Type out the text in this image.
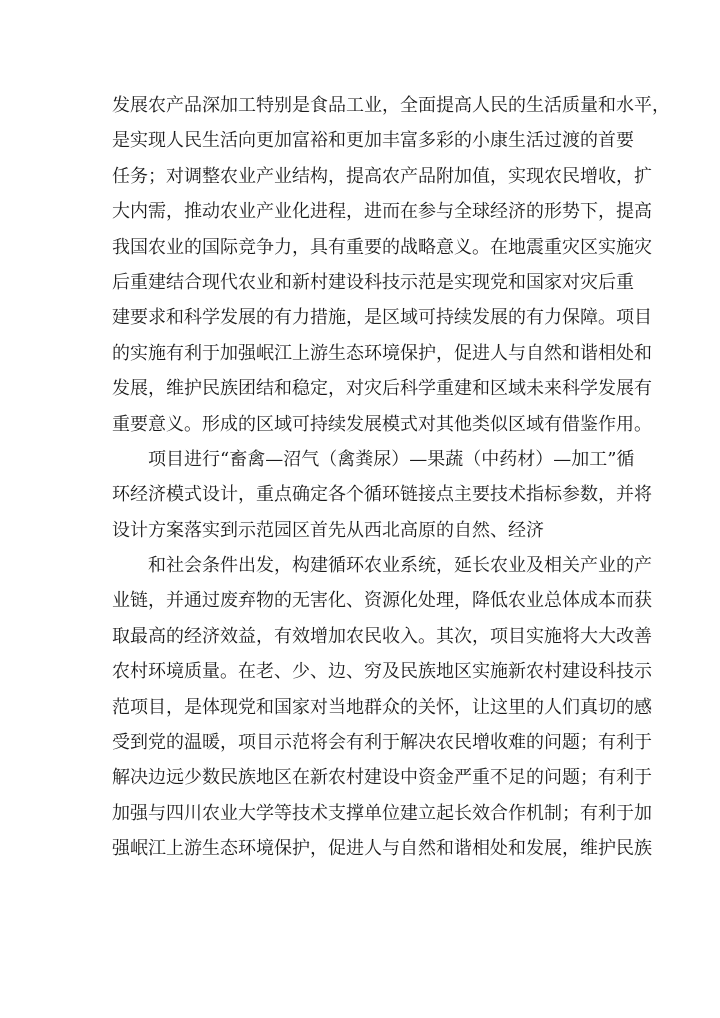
发展农产品深加工特别是食品工业，全面提高人民的生活质量和水平，
是实现人民生活向更加富裕和更加丰富多彩的小康生活过渡的首要
任务；对调整农业产业结构，提高农产品附加值，实现农民增收，扩
大内需，推动农业产业化进程，进而在参与全球经济的形势下，提高
我国农业的国际竞争力，具有重要的战略意义。在地震重灾区实施灾
后重建结合现代农业和新村建设科技示范是实现党和国家对灾后重
建要求和科学发展的有力措施，是区域可持续发展的有力保障。项目
的实施有利于加强岷江上游生态环境保护，促进人与自然和谐相处和
发展，维护民族团结和稳定，对灾后科学重建和区域未来科学发展有
重要意义。形成的区域可持续发展模式对其他类似区域有借鉴作用。
项目进行“畜禽—沼气（禽粪尿）—果蔬（中药材）—加工”循
环经济模式设计，重点确定各个循环链接点主要技术指标参数，并将
设计方案落实到示范园区首先从西北高原的自然、经济
和社会条件出发，构建循环农业系统，延长农业及相关产业的产
业链，并通过废弃物的无害化、资源化处理，降低农业总体成本而获
取最高的经济效益，有效增加农民收入。其次，项目实施将大大改善
农村环境质量。在老、少、边、穷及民族地区实施新农村建设科技示
范项目，是体现党和国家对当地群众的关怀，让这里的人们真切的感
受到党的温暖，项目示范将会有利于解决农民增收难的问题；有利于
解决边远少数民族地区在新农村建设中资金严重不足的问题；有利于
加强与四川农业大学等技术支撑单位建立起长效合作机制；有利于加
强岷江上游生态环境保护，促进人与自然和谐相处和发展，维护民族
